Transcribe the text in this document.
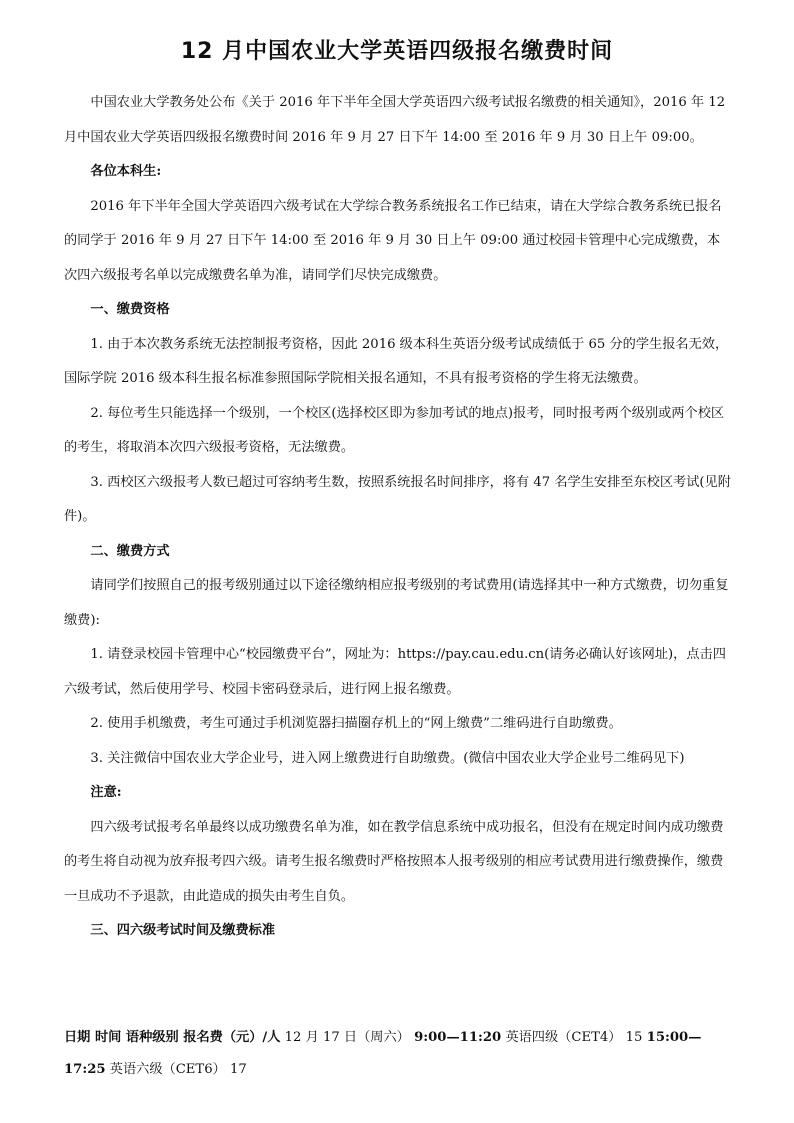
12 月中国农业大学英语四级报名缴费时间

中国农业大学教务处公布《关于 2016 年下半年全国大学英语四六级考试报名缴费的相关通知》，2016 年 12 月中国农业大学英语四级报名缴费时间 2016 年 9 月 27 日下午 14:00 至 2016 年 9 月 30 日上午 09:00。

各位本科生:

2016 年下半年全国大学英语四六级考试在大学综合教务系统报名工作已结束，请在大学综合教务系统已报名的同学于 2016 年 9 月 27 日下午 14:00 至 2016 年 9 月 30 日上午 09:00 通过校园卡管理中心完成缴费，本次四六级报考名单以完成缴费名单为准，请同学们尽快完成缴费。

一、缴费资格

1. 由于本次教务系统无法控制报考资格，因此 2016 级本科生英语分级考试成绩低于 65 分的学生报名无效，国际学院 2016 级本科生报名标准参照国际学院相关报名通知，不具有报考资格的学生将无法缴费。

2. 每位考生只能选择一个级别，一个校区(选择校区即为参加考试的地点)报考，同时报考两个级别或两个校区的考生，将取消本次四六级报考资格，无法缴费。

3. 西校区六级报考人数已超过可容纳考生数，按照系统报名时间排序，将有 47 名学生安排至东校区考试(见附件)。

二、缴费方式

请同学们按照自己的报考级别通过以下途径缴纳相应报考级别的考试费用(请选择其中一种方式缴费，切勿重复缴费):

1. 请登录校园卡管理中心“校园缴费平台”，网址为：https://pay.cau.edu.cn(请务必确认好该网址)，点击四六级考试，然后使用学号、校园卡密码登录后，进行网上报名缴费。

2. 使用手机缴费，考生可通过手机浏览器扫描圈存机上的“网上缴费”二维码进行自助缴费。

3. 关注微信中国农业大学企业号，进入网上缴费进行自助缴费。(微信中国农业大学企业号二维码见下)

注意:

四六级考试报考名单最终以成功缴费名单为准，如在教学信息系统中成功报名，但没有在规定时间内成功缴费的考生将自动视为放弃报考四六级。请考生报名缴费时严格按照本人报考级别的相应考试费用进行缴费操作，缴费一旦成功不予退款，由此造成的损失由考生自负。

三、四六级考试时间及缴费标准

日期 时间 语种级别 报名费（元）/人 12 月 17 日（周六） 9:00—11:20 英语四级（CET4） 15 15:00—17:25 英语六级（CET6） 17
